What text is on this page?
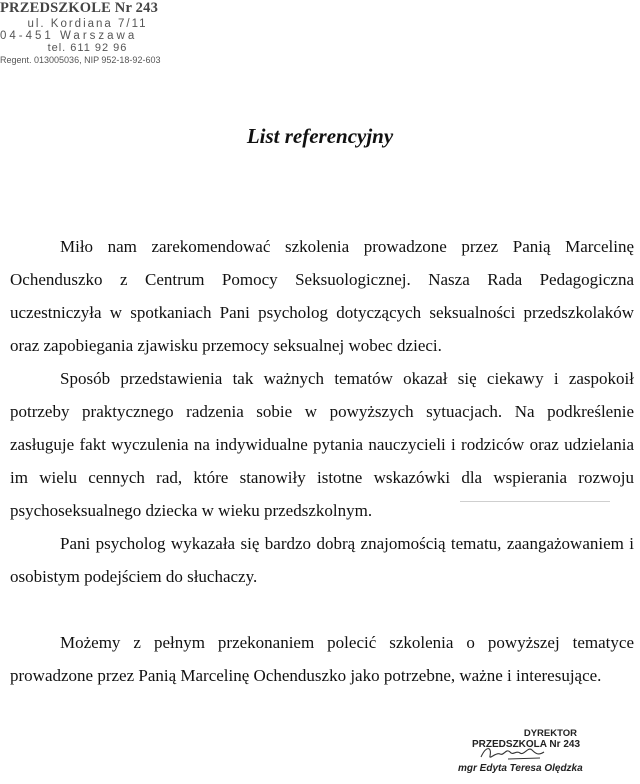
PRZEDSZKOLE Nr 243
ul. Kordiana 7/11
04-451 Warszawa
tel. 611 92 96
Regent. 013005036, NIP 952-18-92-603
List referencyjny

Miło nam zarekomendować szkolenia prowadzone przez Panią Marcelinę Ochenduszko z Centrum Pomocy Seksuologicznej. Nasza Rada Pedagogiczna uczestniczyła w spotkaniach Pani psycholog dotyczących seksualności przedszkolaków oraz zapobiegania zjawisku przemocy seksualnej wobec dzieci.

Sposób przedstawienia tak ważnych tematów okazał się ciekawy i zaspokoił potrzeby praktycznego radzenia sobie w powyższych sytuacjach. Na podkreślenie zasługuje fakt wyczulenia na indywidualne pytania nauczycieli i rodziców oraz udzielania im wielu cennych rad, które stanowiły istotne wskazówki dla wspierania rozwoju psychoseksualnego dziecka w wieku przedszkolnym.

Pani psycholog wykazała się bardzo dobrą znajomością tematu, zaangażowaniem i osobistym podejściem do słuchaczy.

Możemy z pełnym przekonaniem polecić szkolenia o powyższej tematyce prowadzone przez Panią Marcelinę Ochenduszko jako potrzebne, ważne i interesujące.

DYREKTOR
PRZEDSZKOLA Nr 243
mgr Edyta Teresa Olędzka
